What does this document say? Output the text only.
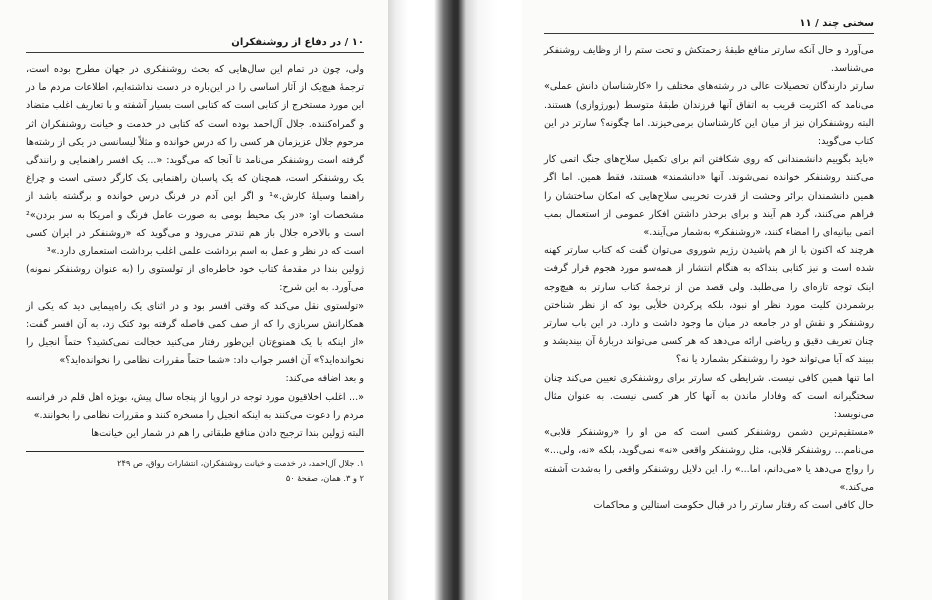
۱۰ / در دفاع از روشنفکران

ولی، چون در تمام این سال‌هایی که بحث روشنفکری در جهان مطرح بوده است، ترجمهٔ هیچ‌یک از آثار اساسی را در این‌باره در دست نداشته‌ایم، اطلاعات مردم ما در این مورد مستخرج از کتابی است که کتابی است بسیار آشفته و با تعاریف اغلب متضاد و گمراه‌کننده. جلال آل‌احمد بوده است که کتابی در خدمت و خیانت روشنفکران اثر مرحوم جلال عزیزمان هر کسی را که درس خوانده و مثلاً لیسانسی در یکی از رشته‌ها گرفته است روشنفکر می‌نامد تا آنجا که می‌گوید: «... یک افسر راهنمایی و رانندگی یک روشنفکر است، همچنان که یک پاسبان راهنمایی یک کارگر دستی است و چراغ راهنما وسیلهٔ کارش.»¹ و اگر این آدم در فرنگ درس خوانده و برگشته باشد از مشخصات او: «در یک محیط بومی به صورت عامل فرنگ و امریکا به سر بردن»² است و بالاخره جلال باز هم تندتر می‌رود و می‌گوید که «روشنفکر در ایران کسی است که در نظر و عمل به اسم برداشت علمی اغلب برداشت استعماری دارد.»³

ژولین بندا در مقدمهٔ کتاب خود خاطره‌ای از تولستوی را (به عنوان روشنفکر نمونه) می‌آورد. به این شرح:

«تولستوی نقل می‌کند که وقتی افسر بود و در اثنای یک راه‌پیمایی دید که یکی از همکارانش سربازی را که از صف کمی فاصله گرفته بود کتک زد، به آن افسر گفت: «از اینکه با یک همنوع‌تان این‌طور رفتار می‌کنید خجالت نمی‌کشید؟ حتماً انجیل را نخوانده‌اید؟» آن افسر جواب داد: «شما حتماً مقررات نظامی را نخوانده‌اید؟»

و بعد اضافه می‌کند:

«... اغلب اخلاقیون مورد توجه در اروپا از پنجاه سال پیش، بویژه اهل قلم در فرانسه مردم را دعوت می‌کنند به اینکه انجیل را مسخره کنند و مقررات نظامی را بخوانند.»

البته ژولین بندا ترجیح دادن منافع طبقاتی را هم در شمار این خیانت‌ها

۱. جلال آل‌احمد، در خدمت و خیانت روشنفکران، انتشارات رواق، ص ۲۴۹

۲ و ۳. همان، صفحهٔ ۵۰

سخنی چند / ۱۱

می‌آورد و حال آنکه سارتر منافع طبقهٔ زحمتکش و تحت ستم را از وظایف روشنفکر می‌شناسد.

سارتر دارندگان تحصیلات عالی در رشته‌های مختلف را «کارشناسان دانش عملی» می‌نامد که اکثریت قریب به اتفاق آنها فرزندان طبقهٔ متوسط (بورژوازی) هستند. البته روشنفکران نیز از میان این کارشناسان برمی‌خیزند. اما چگونه؟ سارتر در این کتاب می‌گوید:

«باید بگوییم دانشمندانی که روی شکافتن اتم برای تکمیل سلاح‌های جنگ اتمی کار می‌کنند روشنفکر خوانده نمی‌شوند. آنها «دانشمند» هستند، فقط همین. اما اگر همین دانشمندان برائر وحشت از قدرت تخریبی سلاح‌هایی که امکان ساختشان را فراهم می‌کنند، گرد هم آیند و برای برحذر داشتن افکار عمومی از استعمال بمب اتمی بیانیه‌ای را امضاء کنند، «روشنفکر» به‌شمار می‌آیند.»

هرچند که اکنون با از هم پاشیدن رژیم شوروی می‌توان گفت که کتاب سارتر کهنه شده است و نیز کتابی بنداکه به هنگام انتشار از همه‌سو مورد هجوم قرار گرفت اینک توجه تازه‌ای را می‌طلبد. ولی قصد من از ترجمهٔ کتاب سارتر به هیچ‌وجه برشمردن کلیت مورد نظر او نبود، بلکه پرکردن خلأیی بود که از نظر شناختن روشنفکر و نقش او در جامعه در میان ما وجود داشت و دارد. در این باب سارتر چنان تعریف دقیق و ریاضی ارائه می‌دهد که هر کسی می‌تواند دربارهٔ آن بیندیشد و ببیند که آیا می‌تواند خود را روشنفکر بشمارد یا نه؟

اما تنها همین کافی نیست. شرایطی که سارتر برای روشنفکری تعیین می‌کند چنان سختگیرانه است که وفادار ماندن به آنها کار هر کسی نیست. به عنوان مثال می‌نویسد:

«مستقیم‌ترین دشمن روشنفکر کسی است که من او را «روشنفکر قلابی» می‌نامم... روشنفکر قلابی، مثل روشنفکر واقعی «نه» نمی‌گوید، بلکه «نه، ولی...» را رواج می‌دهد یا «می‌دانم، اما...» را. این دلایل روشنفکر واقعی را به‌شدت آشفته می‌کند.»

حال کافی است که رفتار سارتر را در قبال حکومت استالین و محاکمات
